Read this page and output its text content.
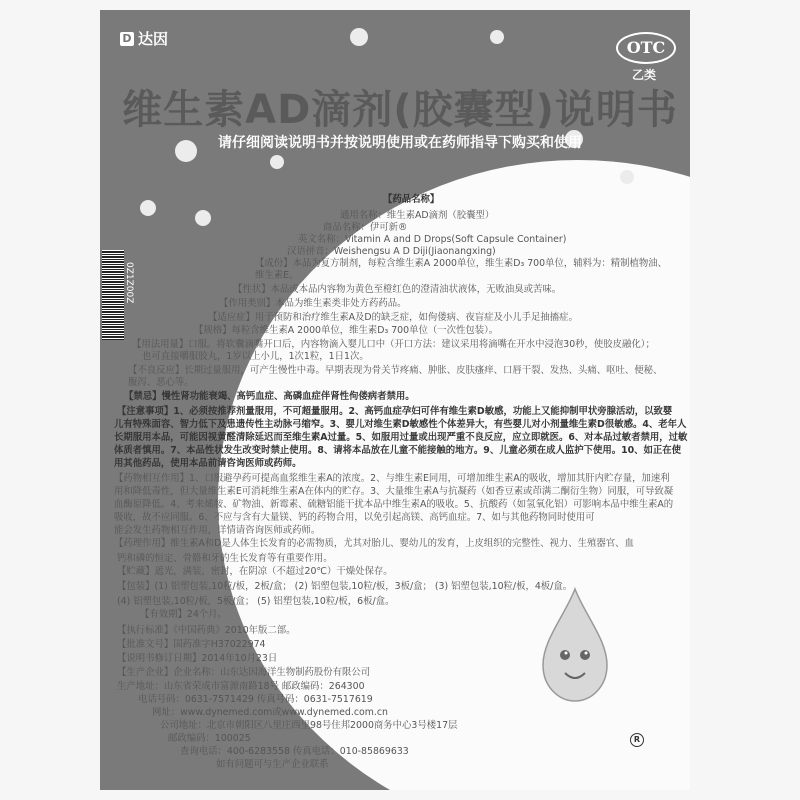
D 达因	OTC
乙类
维生素AD滴剂(胶囊型)说明书
请仔细阅读说明书并按说明使用或在药师指导下购买和使用
0Z1Z00Z
【药品名称】
通用名称：维生素AD滴剂（胶囊型）
商品名称：伊可新®
英文名称：Vitamin A and D Drops(Soft Capsule Container)
汉语拼音：Weishengsu A D Diji(Jiaonangxing)
【成份】本品为复方制剂，每粒含维生素A 2000单位，维生素D₃ 700单位，辅料为：精制植物油、
维生素E。
【性状】本品或本品内容物为黄色至橙红色的澄清油状液体，无败油臭或苦味。
【作用类别】本品为维生素类非处方药药品。
【适应症】用于预防和治疗维生素A及D的缺乏症，如佝偻病、夜盲症及小儿手足抽搐症。
【规格】每粒含维生素A 2000单位，维生素D₃ 700单位（一次性包装）。
【用法用量】口服。将软囊滴嘴开口后，内容物滴入婴儿口中（开口方法：建议采用将滴嘴在开水中浸泡30秒，使胶皮融化）；
也可直接嚼服胶丸，1岁以上小儿，1次1粒，1日1次。
【不良反应】长期过量服用，可产生慢性中毒。早期表现为骨关节疼痛、肿胀、皮肤瘙痒、口唇干裂、发热、头痛、呕吐、便秘、
腹泻、恶心等。
【禁忌】慢性肾功能衰竭、高钙血症、高磷血症伴肾性佝偻病者禁用。
【注意事项】1、必须按推荐剂量服用，不可超量服用。2、高钙血症孕妇可伴有维生素D敏感，功能上又能抑制甲状旁腺活动，以致婴
儿有特殊面容、智力低下及患遗传性主动脉弓缩窄。3、婴儿对维生素D敏感性个体差异大，有些婴儿对小剂量维生素D很敏感。4、老年人
长期服用本品，可能因视黄醛清除延迟而至维生素A过量。5、如服用过量或出现严重不良反应，应立即就医。6、对本品过敏者禁用，过敏
体质者慎用。7、本品性状发生改变时禁止使用。8、请将本品放在儿童不能接触的地方。9、儿童必须在成人监护下使用。10、如正在使
用其他药品，使用本品前请咨询医师或药师。
【药物相互作用】1、口服避孕药可提高血浆维生素A的浓度。2、与维生素E同用，可增加维生素A的吸收，增加其肝内贮存量，加速利
用和降低毒性，但大量维生素E可消耗维生素A在体内的贮存。3、大量维生素A与抗凝药（如香豆素或茚满二酮衍生物）同服，可导致凝
血酶原降低。4、考来烯胺、矿物油、新霉素、硫糖铝能干扰本品中维生素A的吸收。5、抗酸药（如氢氧化铝）可影响本品中维生素A的
吸收，故不应同服。6、不应与含有大量镁、钙的药物合用，以免引起高镁、高钙血症。7、如与其他药物同时使用可
能会发生药物相互作用，详情请咨询医师或药师。
【药理作用】维生素A和D是人体生长发育的必需物质，尤其对胎儿、婴幼儿的发育，上皮组织的完整性、视力、生殖器官、血
钙和磷的恒定、骨骼和牙的生长发育等有重要作用。
【贮藏】遮光，满装，密封，在阴凉（不超过20℃）干燥处保存。
【包装】(1) 铝塑包装,10粒/板，2板/盒； (2) 铝塑包装,10粒/板，3板/盒； (3) 铝塑包装,10粒/板，4板/盒。
(4) 铝塑包装,10粒/板，5板/盒； (5) 铝塑包装,10粒/板，6板/盒。
【有效期】24个月。
【执行标准】《中国药典》2010年版二部。
【批准文号】国药准字H37022974
【说明书修订日期】2014年10月23日
【生产企业】企业名称：山东达因海洋生物制药股份有限公司
生产地址：山东省荣成市富源南路18号 邮政编码：264300
电话号码：0631-7571429 传真号码：0631-7517619
网址：www.dynemed.com或www.dynemed.com.cn
公司地址：北京市朝阳区八里庄西里98号住邦2000商务中心3号楼17层
邮政编码：100025
查询电话：400-6283558 传真电话：010-85869633
如有问题可与生产企业联系
R
